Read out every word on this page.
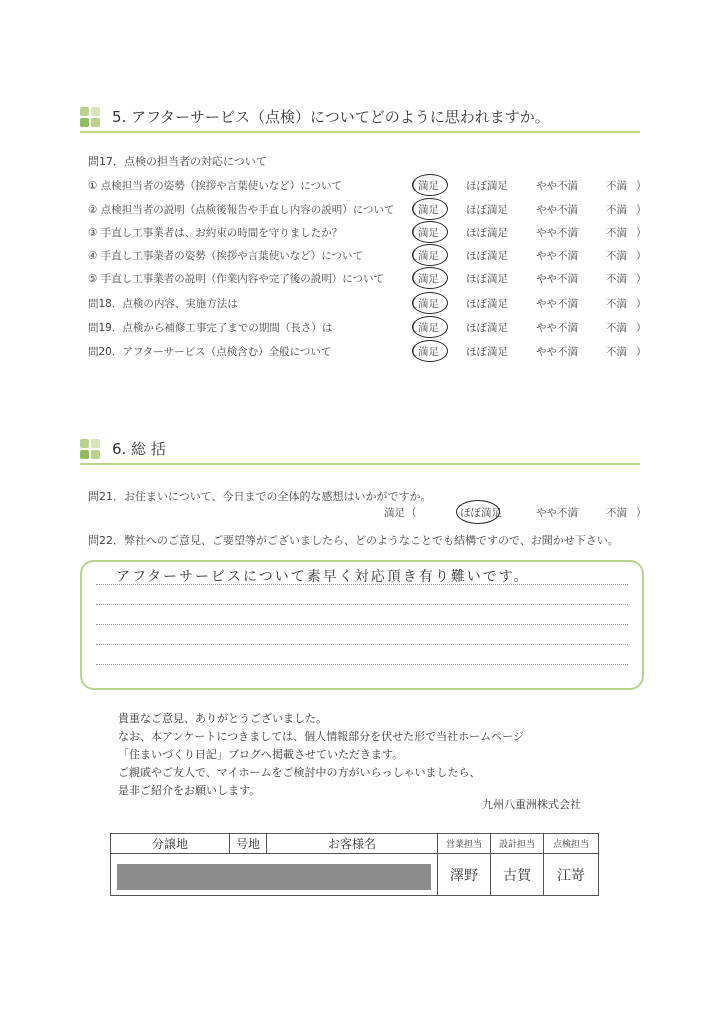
5. アフターサービス（点検）についてどのように思われますか。
問17．点検の担当者の対応について
① 点検担当者の姿勢（挨拶や言葉使いなど）について	（ 満足	ほぼ満足	やや不満	不満 ）
② 点検担当者の説明（点検後報告や手直し内容の説明）について （ 満足	ほぼ満足	やや不満	不満 ）
③ 手直し工事業者は、お約束の時間を守りましたか？	（ 満足	ほぼ満足	やや不満	不満 ）
④ 手直し工事業者の姿勢（挨拶や言葉使いなど）について	（ 満足	ほぼ満足	やや不満	不満 ）
⑤ 手直し工事業者の説明（作業内容や完了後の説明）について （ 満足	ほぼ満足	やや不満	不満 ）
問18．点検の内容、実施方法は	（ 満足	ほぼ満足	やや不満	不満 ）
問19．点検から補修工事完了までの期間（長さ）は	（ 満足	ほぼ満足	やや不満	不満 ）
問20．アフターサービス（点検含む）全般について	（ 満足	ほぼ満足	やや不満	不満 ）
6. 総 括
問21．お住まいについて、今日までの全体的な感想はいかがですか。
（
満足	ほぼ満足	やや不満	不満 ）
問22．弊社へのご意見、ご要望等がございましたら、どのようなことでも結構ですので、お聞かせ下さい。
アフターサービスについて素早く対応頂き有り難いです。
貴重なご意見、ありがとうございました。
なお、本アンケートにつきましては、個人情報部分を伏せた形で当社ホームページ
「住まいづくり日記」ブログへ掲載させていただきます。
ご親戚やご友人で、マイホームをご検討中の方がいらっしゃいましたら、
是非ご紹介をお願いします。
九州八重洲株式会社
分譲地	号地	お客様名	営業担当	設計担当	点検担当

			澤野	古賀	江嵜
